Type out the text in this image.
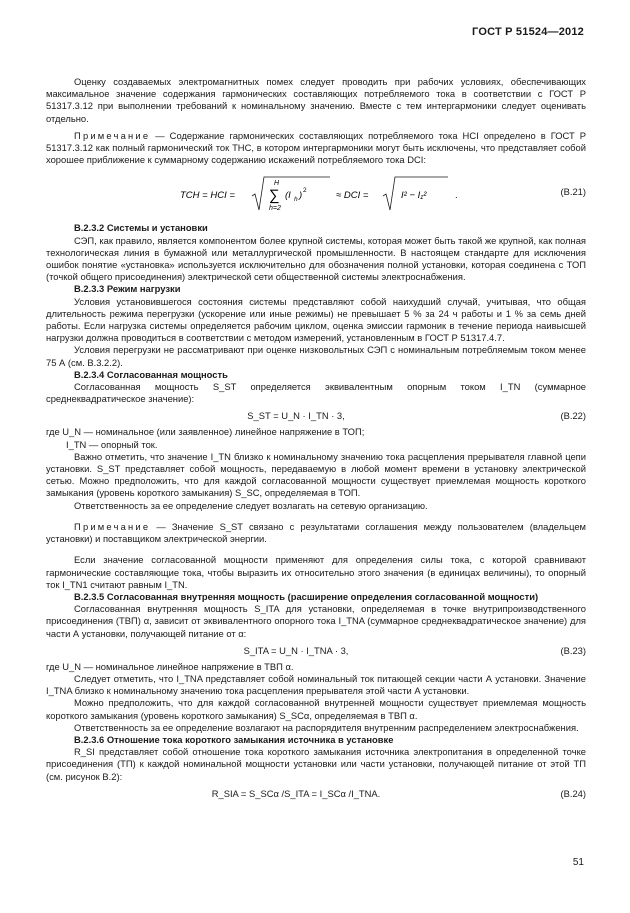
ГОСТ Р 51524—2012

Оценку создаваемых электромагнитных помех следует проводить при рабочих условиях, обеспечивающих максимальное значение содержания гармонических составляющих потребляемого тока в соответствии с ГОСТ Р 51317.3.12 при выполнении требований к номинальному значению. Вместе с тем интергармоники следует оценивать отдельно.

Примечание — Содержание гармонических составляющих потребляемого тока HCI определено в ГОСТ Р 51317.3.12 как полный гармонический ток THC, в котором интергармоники могут быть исключены, что представляет собой хорошее приближение к суммарному содержанию искажений потребляемого тока DCI:

TCH = HCI =
H
∑
h=2
(I h ) 2	≈ DCI =	I² − I₁²	.	(B.21)
B.2.3.2 Системы и установки

СЭП, как правило, является компонентом более крупной системы, которая может быть такой же крупной, как полная технологическая линия в бумажной или металлургической промышленности. В настоящем стандарте для исключения ошибок понятие «установка» используется исключительно для обозначения полной установки, которая соединена с ТОП (точкой общего присоединения) электрической сети общественной системы электроснабжения.

B.2.3.3 Режим нагрузки

Условия установившегося состояния системы представляют собой наихудший случай, учитывая, что общая длительность режима перегрузки (ускорение или иные режимы) не превышает 5 % за 24 ч работы и 1 % за семь дней работы. Если нагрузка системы определяется рабочим циклом, оценка эмиссии гармоник в течение периода наивысшей нагрузки должна проводиться в соответствии с методом измерений, установленным в ГОСТ Р 51317.4.7.

Условия перегрузки не рассматривают при оценке низковольтных СЭП с номинальным потребляемым током менее 75 А (см. В.3.2.2).

B.2.3.4 Согласованная мощность

Согласованная мощность S_ST определяется эквивалентным опорным током I_TN (суммарное среднеквадратическое значение):

S_ST = U_N · I_TN · 3,	(B.22)

где U_N — номинальное (или заявленное) линейное напряжение в ТОП;

I_TN — опорный ток.

Важно отметить, что значение I_TN близко к номинальному значению тока расцепления прерывателя главной цепи установки. S_ST представляет собой мощность, передаваемую в любой момент времени в установку электрической сетью. Можно предположить, что для каждой согласованной мощности существует приемлемая мощность короткого замыкания (уровень короткого замыкания) S_SC, определяемая в ТОП.

Ответственность за ее определение следует возлагать на сетевую организацию.

Примечание — Значение S_ST связано с результатами соглашения между пользователем (владельцем установки) и поставщиком электрической энергии.

Если значение согласованной мощности применяют для определения силы тока, с которой сравнивают гармонические составляющие тока, чтобы выразить их относительно этого значения (в единицах величины), то опорный ток I_TN1 считают равным I_TN.

B.2.3.5 Согласованная внутренняя мощность (расширение определения согласованной мощности)

Согласованная внутренняя мощность S_ITA для установки, определяемая в точке внутрипроизводственного присоединения (ТВП) α, зависит от эквивалентного опорного тока I_TNA (суммарное среднеквадратическое значение) для части А установки, получающей питание от α:

S_ITA = U_N · I_TNA · 3,	(B.23)

где U_N — номинальное линейное напряжение в ТВП α.

Следует отметить, что I_TNA представляет собой номинальный ток питающей секции части А установки. Значение I_TNA близко к номинальному значению тока расцепления прерывателя этой части А установки.

Можно предположить, что для каждой согласованной внутренней мощности существует приемлемая мощность короткого замыкания (уровень короткого замыкания) S_SCα, определяемая в ТВП α.

Ответственность за ее определение возлагают на распорядителя внутренним распределением электроснабжения.

B.2.3.6 Отношение тока короткого замыкания источника в установке

R_SI представляет собой отношение тока короткого замыкания источника электропитания в определенной точке присоединения (ТП) к каждой номинальной мощности установки или части установки, получающей питание от этой ТП (см. рисунок В.2):

R_SIA = S_SCα /S_ITA = I_SCα /I_TNA.	(B.24)
51
